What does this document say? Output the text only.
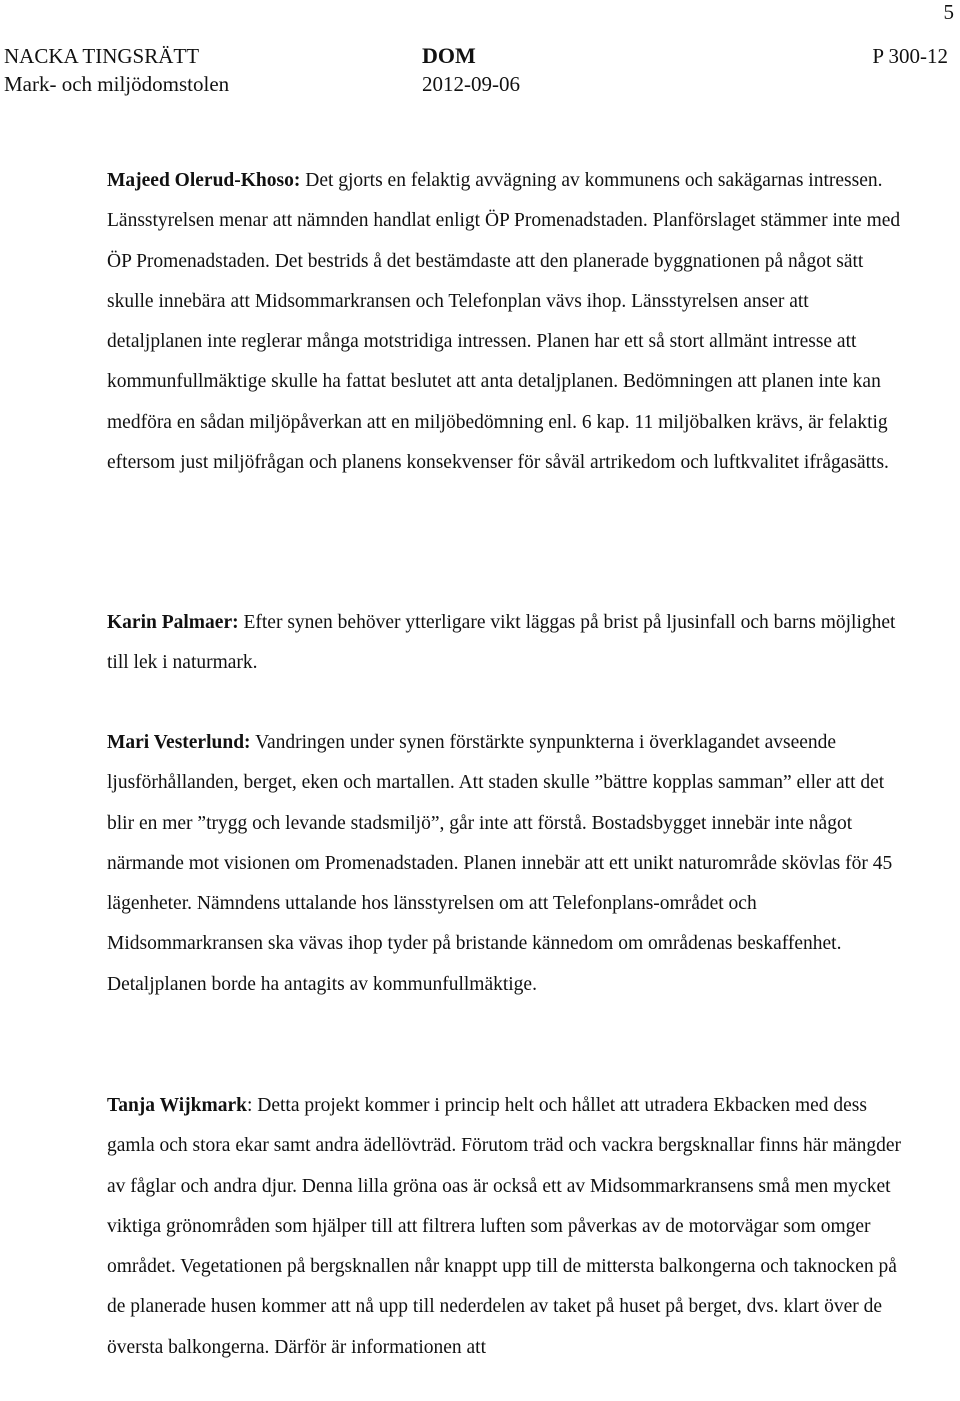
5
NACKA TINGSRÄTT
Mark- och miljödomstolen
DOM
2012-09-06
P 300-12

Majeed Olerud-Khoso: Det gjorts en felaktig avvägning av kommunens och sakägarnas intressen. Länsstyrelsen menar att nämnden handlat enligt ÖP Promenadstaden. Planförslaget stämmer inte med ÖP Promenadstaden. Det bestrids å det bestämdaste att den planerade byggnationen på något sätt skulle innebära att Midsommarkransen och Telefonplan vävs ihop. Länsstyrelsen anser att detaljplanen inte reglerar många motstridiga intressen. Planen har ett så stort allmänt intresse att kommunfullmäktige skulle ha fattat beslutet att anta detaljplanen. Bedömningen att planen inte kan medföra en sådan miljöpåverkan att en miljöbedömning enl. 6 kap. 11 miljöbalken krävs, är felaktig eftersom just miljöfrågan och planens konsekvenser för såväl artrikedom och luftkvalitet ifrågasätts.

Karin Palmaer: Efter synen behöver ytterligare vikt läggas på brist på ljusinfall och barns möjlighet till lek i naturmark.

Mari Vesterlund: Vandringen under synen förstärkte synpunkterna i överklagandet avseende ljusförhållanden, berget, eken och martallen. Att staden skulle ”bättre kopplas samman” eller att det blir en mer ”trygg och levande stadsmiljö”, går inte att förstå. Bostadsbygget innebär inte något närmande mot visionen om Promenadstaden. Planen innebär att ett unikt naturområde skövlas för 45 lägenheter. Nämndens uttalande hos länsstyrelsen om att Telefonplans-området och Midsommarkransen ska vävas ihop tyder på bristande kännedom om områdenas beskaffenhet. Detaljplanen borde ha antagits av kommunfullmäktige.

Tanja Wijkmark: Detta projekt kommer i princip helt och hållet att utradera Ekbacken med dess gamla och stora ekar samt andra ädellövträd. Förutom träd och vackra bergsknallar finns här mängder av fåglar och andra djur. Denna lilla gröna oas är också ett av Midsommarkransens små men mycket viktiga grönområden som hjälper till att filtrera luften som påverkas av de motorvägar som omger området. Vegetationen på bergsknallen når knappt upp till de mittersta balkongerna och taknocken på de planerade husen kommer att nå upp till nederdelen av taket på huset på berget, dvs. klart över de översta balkongerna. Därför är informationen att
